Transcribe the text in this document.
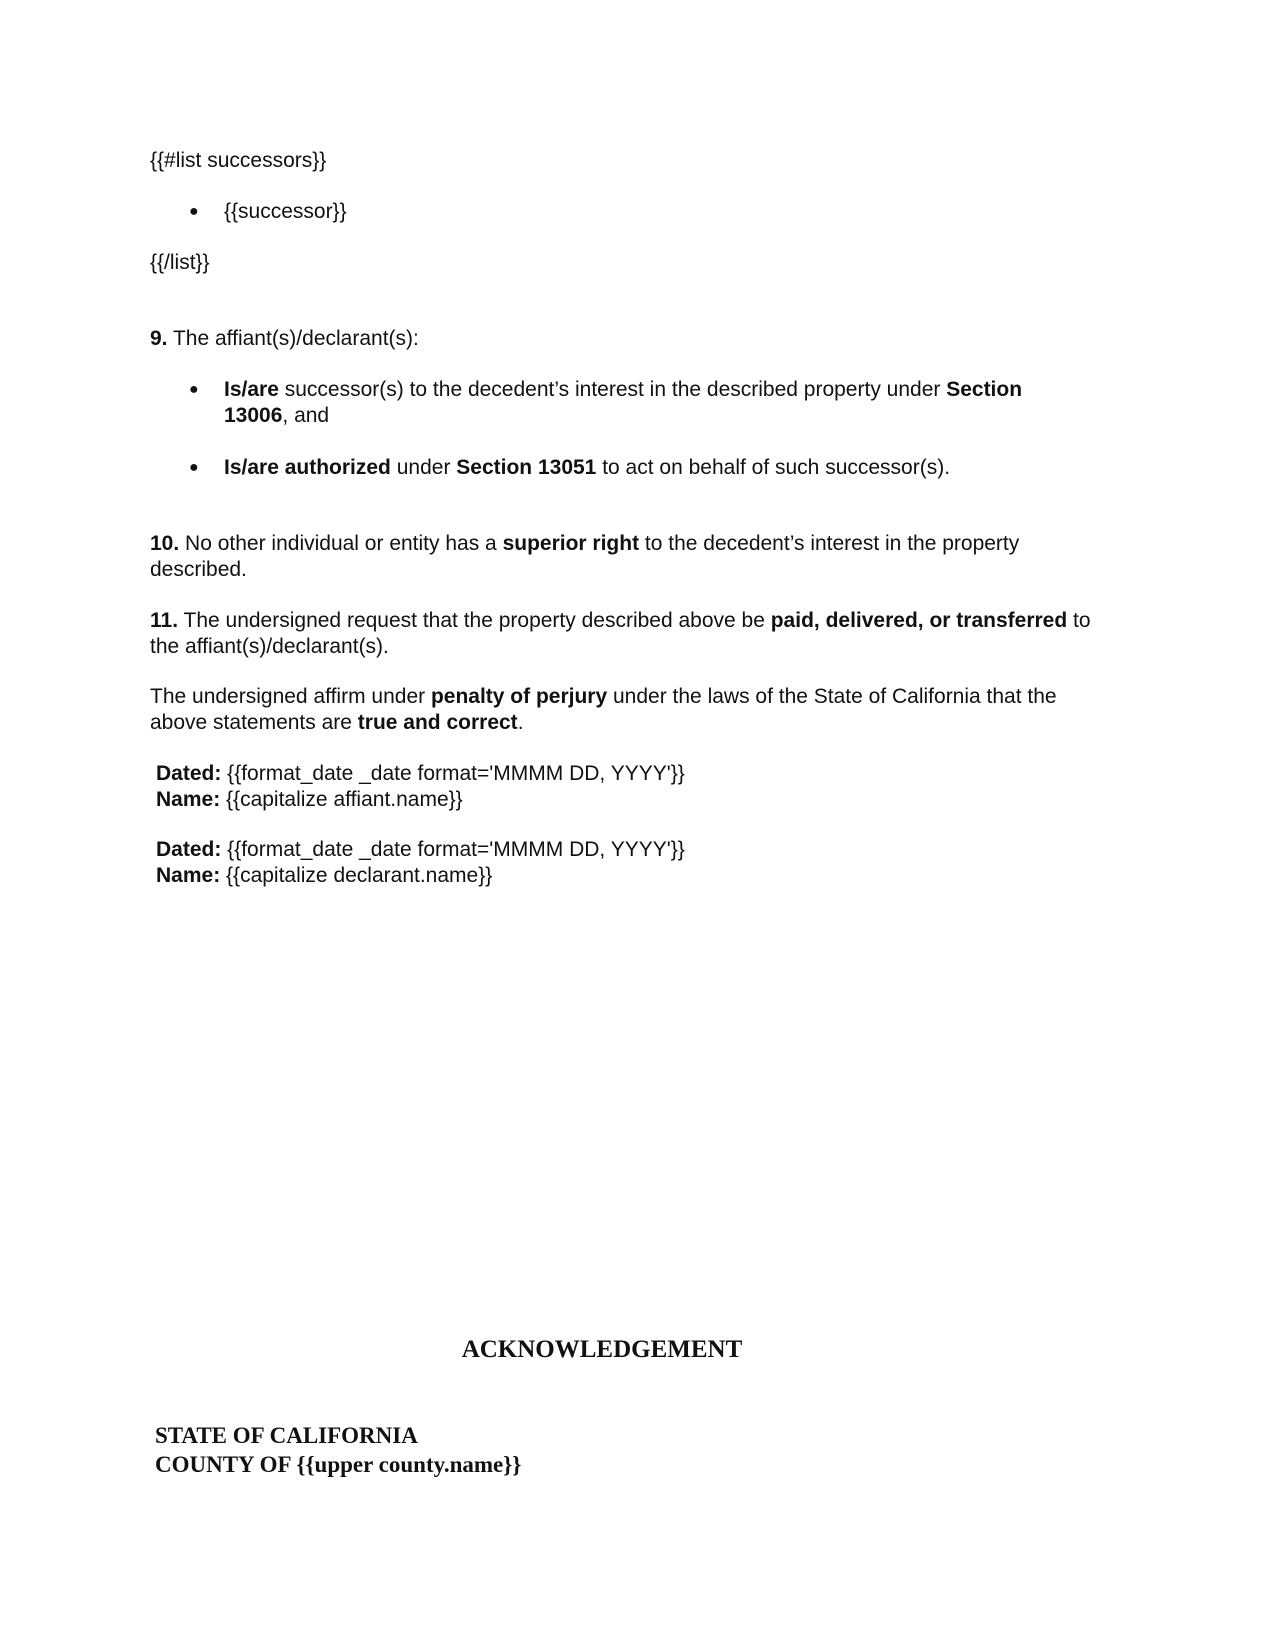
{{#list successors}}

●	{{successor}}

{{/list}}

9. The affiant(s)/declarant(s):

●	Is/are successor(s) to the decedent’s interest in the described property under Section 13006, and
●	Is/are authorized under Section 13051 to act on behalf of such successor(s).

10. No other individual or entity has a superior right to the decedent’s interest in the property described.

11. The undersigned request that the property described above be paid, delivered, or transferred to the affiant(s)/declarant(s).

The undersigned affirm under penalty of perjury under the laws of the State of California that the above statements are true and correct.

Dated: {{format_date _date format='MMMM DD, YYYY'}}
Name: {{capitalize affiant.name}}
Dated: {{format_date _date format='MMMM DD, YYYY'}}
Name: {{capitalize declarant.name}}
ACKNOWLEDGEMENT
STATE OF CALIFORNIA
COUNTY OF {{upper county.name}}
